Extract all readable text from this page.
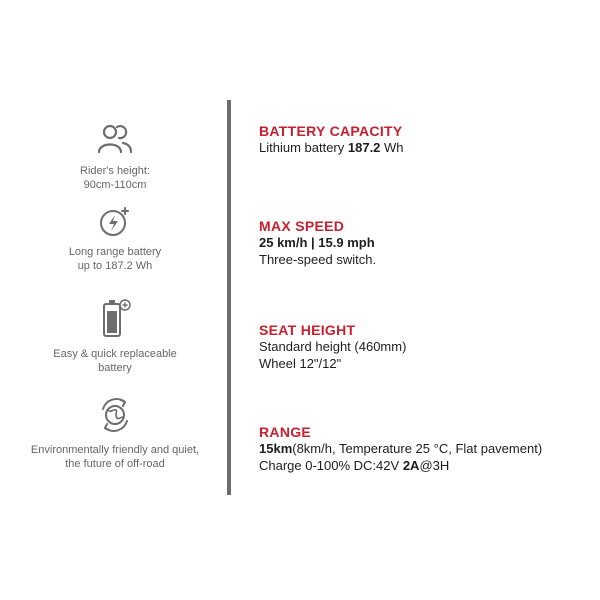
Rider's height:
90cm-110cm
Long range battery
up to 187.2 Wh
Easy & quick replaceable
battery
Environmentally friendly and quiet,
the future of off-road
BATTERY CAPACITY
Lithium battery 187.2 Wh
MAX SPEED
25 km/h | 15.9 mph
Three-speed switch.
SEAT HEIGHT
Standard height (460mm)
Wheel 12"/12"
RANGE
15km(8km/h, Temperature 25 °C, Flat pavement)
Charge 0-100% DC:42V 2A@3H
